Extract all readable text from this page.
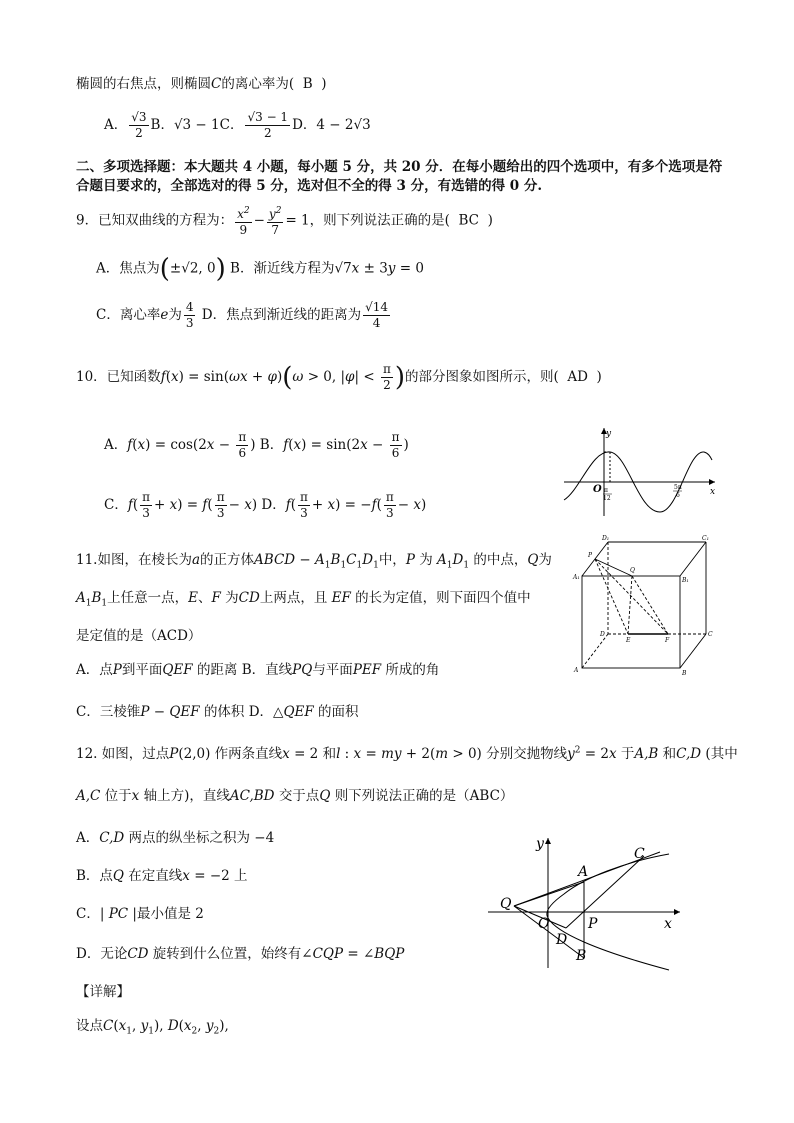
椭圆的右焦点，则椭圆C的离心率为( B )
A． $\frac{√3}{2}$ B．√3 − 1C． $\frac{√3 - 1}{2}$ D．4 − 2√3
二、多项选择题：本大题共 4 小题，每小题 5 分，共 20 分．在每小题给出的四个选项中，有多个选项是符合题目要求的，全部选对的得 5 分，选对但不全的得 3 分，有选错的得 0 分.
9．已知双曲线的方程为： $\frac{x^2}{9} - \frac{y^2}{7} = 1$，则下列说法正确的是( BC )
A．焦点为(±√2, 0) B．渐近线方程为√7x ± 3y = 0
C．离心率e为 $\frac{4}{3}$ D．焦点到渐近线的距离为 $\frac{√14}{4}$
10．已知函数f(x) = sin(ωx + φ)(ω > 0, $|\varphi| < \frac{\pi}{2}$ )的部分图象如图所示，则( AD )
A．$f(x) = \cos(2x - \frac{\pi}{6}$ ) B．$f(x) = \sin(2x - \frac{\pi}{6}$ )
C．$f( \frac{\pi}{3} + x) = f( \frac{\pi}{3} - x)$ D．$f( \frac{\pi}{3} + x) = -f( \frac{\pi}{3} - x)$
y
O π
12
5π
6	x
11.如图，在棱长为a的正方体ABCD − $A_1B_1C_1D_1$中，P 为 $A_1D_1$ 的中点，Q为
$A_1B_1$上任意一点，E、F 为CD上两点，且 EF 的长为定值，则下面四个值中
是定值的是（ACD）
A．点P到平面QEF 的距离 B．直线PQ与平面PEF 所成的角
C．三棱锥P − QEF 的体积 D．△QEF 的面积
D₁	C₁
A₁	B₁
P
Q
D	C
E	F
A	B
12. 如图，过点P(2,0) 作两条直线x = 2 和l : x = my + 2(m > 0) 分别交抛物线$y^2 = 2x$ 于A,B 和C,D (其中
A,C 位于x 轴上方)，直线AC,BD 交于点Q 则下列说法正确的是（ABC）
A．C,D 两点的纵坐标之积为 −4
B．点Q 在定直线x = −2 上
C．| PC |最小值是 2
D．无论CD 旋转到什么位置，始终有∠CQP = ∠BQP
y
x
Q
O
A
C
P
D
B
【详解】
设点$C(x_1$, $y_1$), $D(x_2$, $y_2$),
